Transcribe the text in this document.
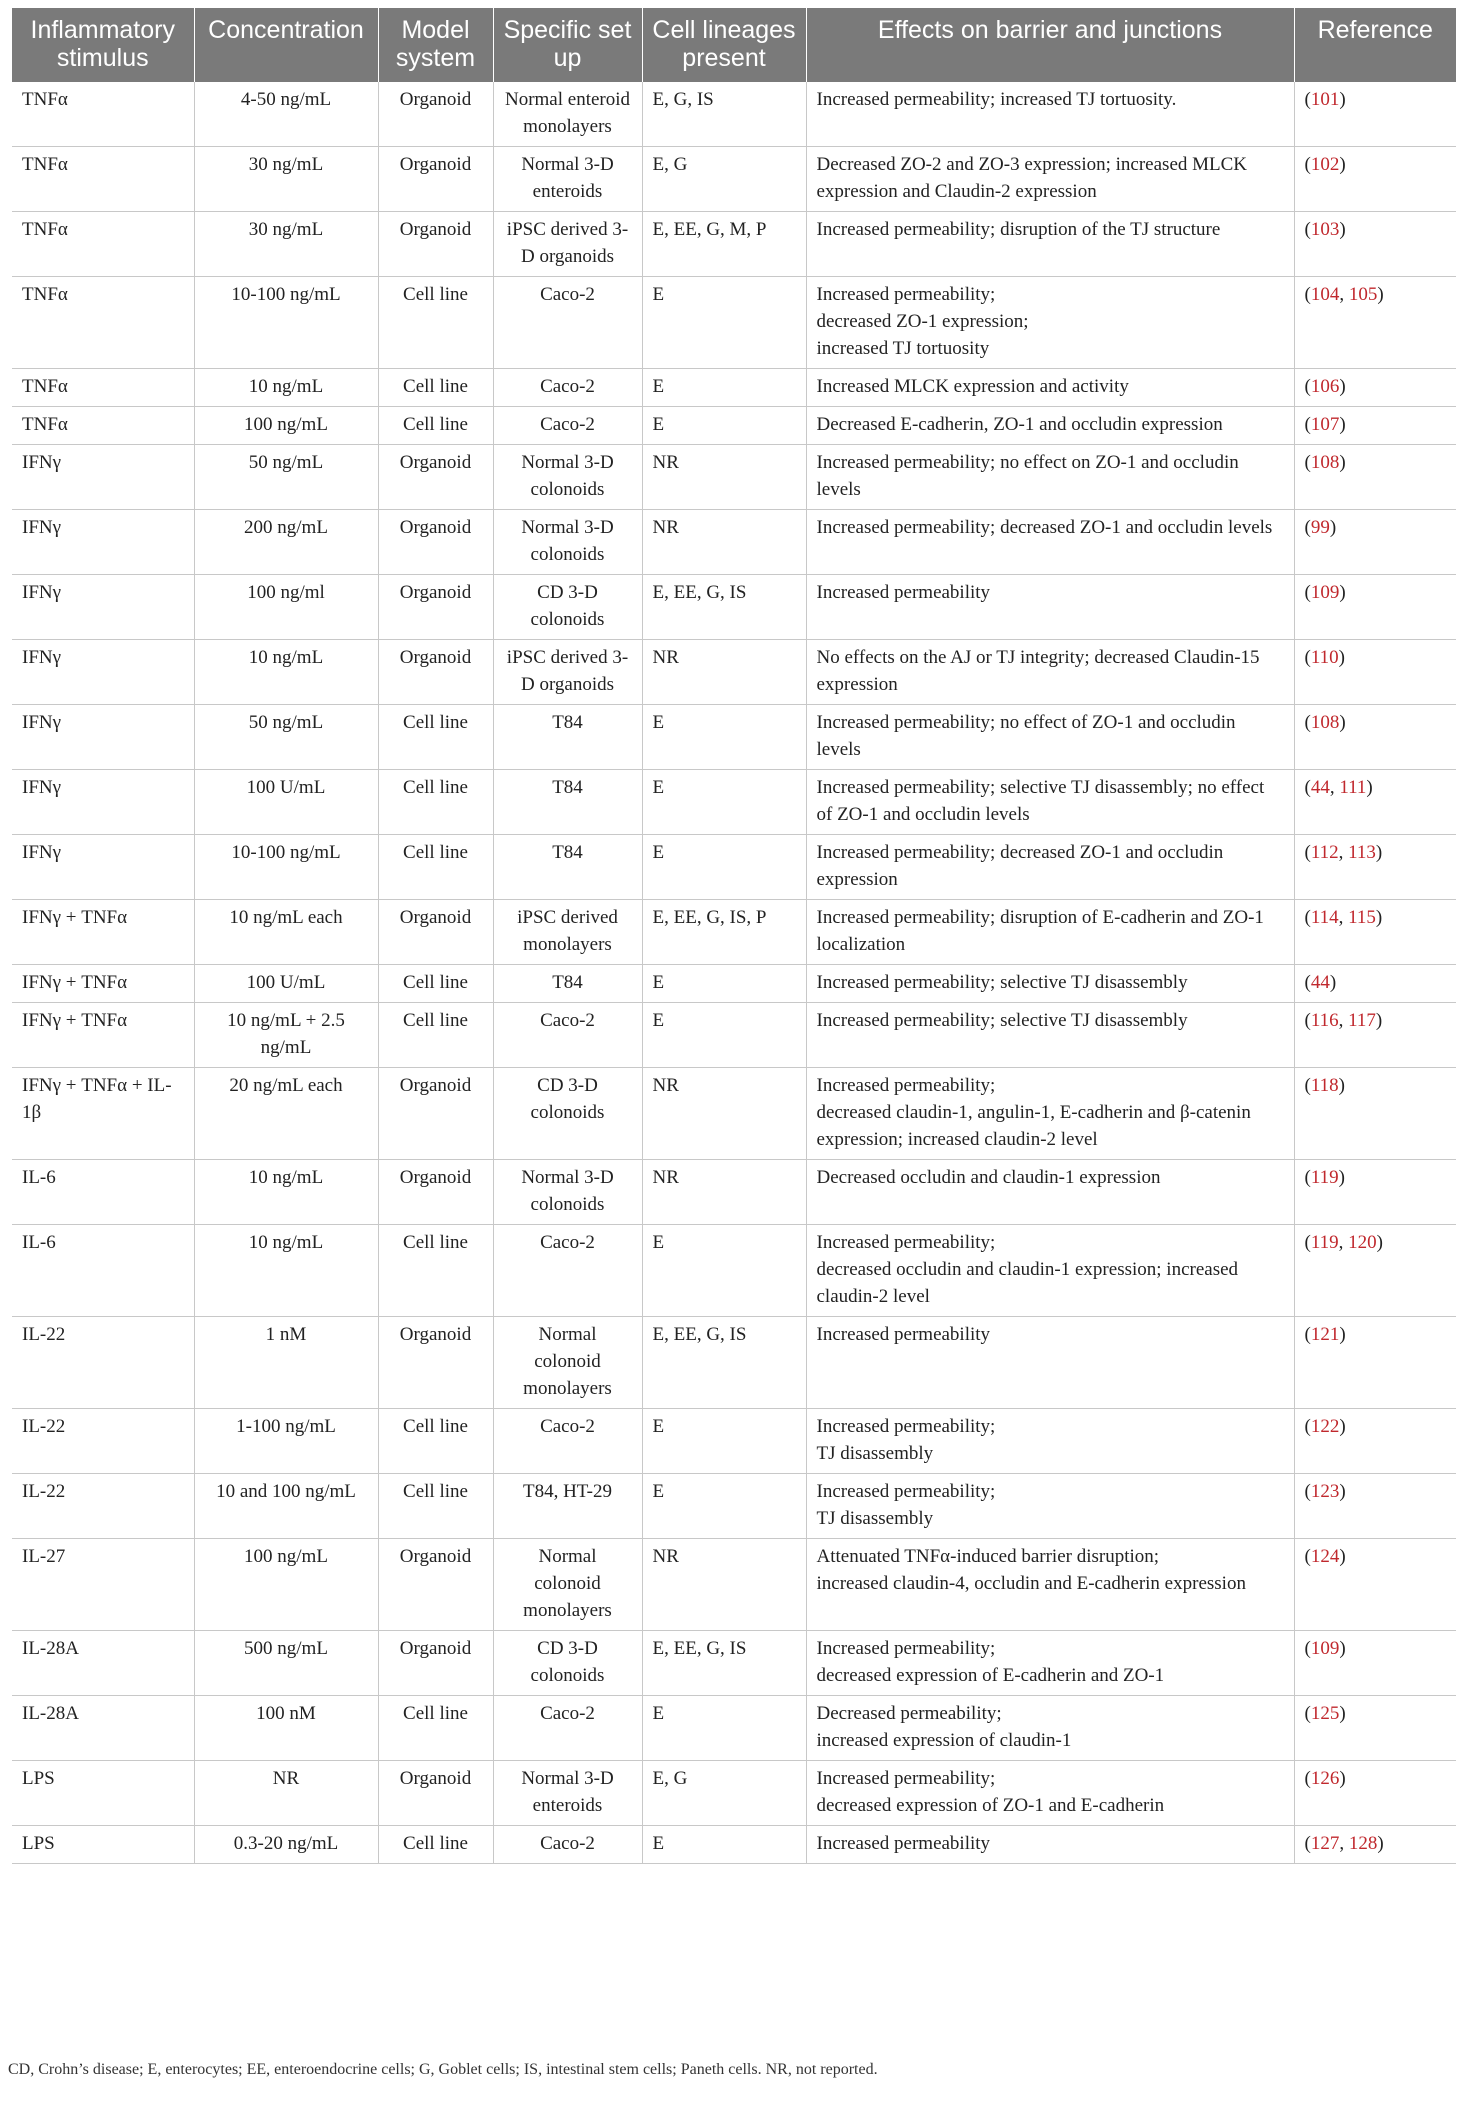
Inflammatory stimulus	Concentration	Model system	Specific set up	Cell lineages present	Effects on barrier and junctions	Reference
TNFα	4-50 ng/mL	Organoid	Normal enteroid monolayers	E, G, IS	Increased permeability; increased TJ tortuosity.	(101)
TNFα	30 ng/mL	Organoid	Normal 3-D enteroids	E, G	Decreased ZO-2 and ZO-3 expression; increased MLCK expression and Claudin-2 expression	(102)
TNFα	30 ng/mL	Organoid	iPSC derived 3-D organoids	E, EE, G, M, P	Increased permeability; disruption of the TJ structure	(103)
TNFα	10-100 ng/mL	Cell line	Caco-2	E	Increased permeability;
decreased ZO-1 expression;
increased TJ tortuosity	(104, 105)
TNFα	10 ng/mL	Cell line	Caco-2	E	Increased MLCK expression and activity	(106)
TNFα	100 ng/mL	Cell line	Caco-2	E	Decreased E-cadherin, ZO-1 and occludin expression	(107)
IFNγ	50 ng/mL	Organoid	Normal 3-D colonoids	NR	Increased permeability; no effect on ZO-1 and occludin levels	(108)
IFNγ	200 ng/mL	Organoid	Normal 3-D colonoids	NR	Increased permeability; decreased ZO-1 and occludin levels	(99)
IFNγ	100 ng/ml	Organoid	CD 3-D colonoids	E, EE, G, IS	Increased permeability	(109)
IFNγ	10 ng/mL	Organoid	iPSC derived 3-D organoids	NR	No effects on the AJ or TJ integrity; decreased Claudin-15 expression	(110)
IFNγ	50 ng/mL	Cell line	T84	E	Increased permeability; no effect of ZO-1 and occludin levels	(108)
IFNγ	100 U/mL	Cell line	T84	E	Increased permeability; selective TJ disassembly; no effect of ZO-1 and occludin levels	(44, 111)
IFNγ	10-100 ng/mL	Cell line	T84	E	Increased permeability; decreased ZO-1 and occludin expression	(112, 113)
IFNγ + TNFα	10 ng/mL each	Organoid	iPSC derived monolayers	E, EE, G, IS, P	Increased permeability; disruption of E-cadherin and ZO-1 localization	(114, 115)
IFNγ + TNFα	100 U/mL	Cell line	T84	E	Increased permeability; selective TJ disassembly	(44)
IFNγ + TNFα	10 ng/mL + 2.5 ng/mL	Cell line	Caco-2	E	Increased permeability; selective TJ disassembly	(116, 117)
IFNγ + TNFα + IL-1β	20 ng/mL each	Organoid	CD 3-D colonoids	NR	Increased permeability;
decreased claudin-1, angulin-1, E-cadherin and β-catenin expression; increased claudin-2 level	(118)
IL-6	10 ng/mL	Organoid	Normal 3-D colonoids	NR	Decreased occludin and claudin-1 expression	(119)
IL-6	10 ng/mL	Cell line	Caco-2	E	Increased permeability;
decreased occludin and claudin-1 expression; increased claudin-2 level	(119, 120)
IL-22	1 nM	Organoid	Normal colonoid monolayers	E, EE, G, IS	Increased permeability	(121)
IL-22	1-100 ng/mL	Cell line	Caco-2	E	Increased permeability;
TJ disassembly	(122)
IL-22	10 and 100 ng/mL	Cell line	T84, HT-29	E	Increased permeability;
TJ disassembly	(123)
IL-27	100 ng/mL	Organoid	Normal colonoid monolayers	NR	Attenuated TNFα-induced barrier disruption;
increased claudin-4, occludin and E-cadherin expression	(124)
IL-28A	500 ng/mL	Organoid	CD 3-D colonoids	E, EE, G, IS	Increased permeability;
decreased expression of E-cadherin and ZO-1	(109)
IL-28A	100 nM	Cell line	Caco-2	E	Decreased permeability;
increased expression of claudin-1	(125)
LPS	NR	Organoid	Normal 3-D enteroids	E, G	Increased permeability;
decreased expression of ZO-1 and E-cadherin	(126)
LPS	0.3-20 ng/mL	Cell line	Caco-2	E	Increased permeability	(127, 128)
CD, Crohn’s disease; E, enterocytes; EE, enteroendocrine cells; G, Goblet cells; IS, intestinal stem cells; Paneth cells. NR, not reported.
